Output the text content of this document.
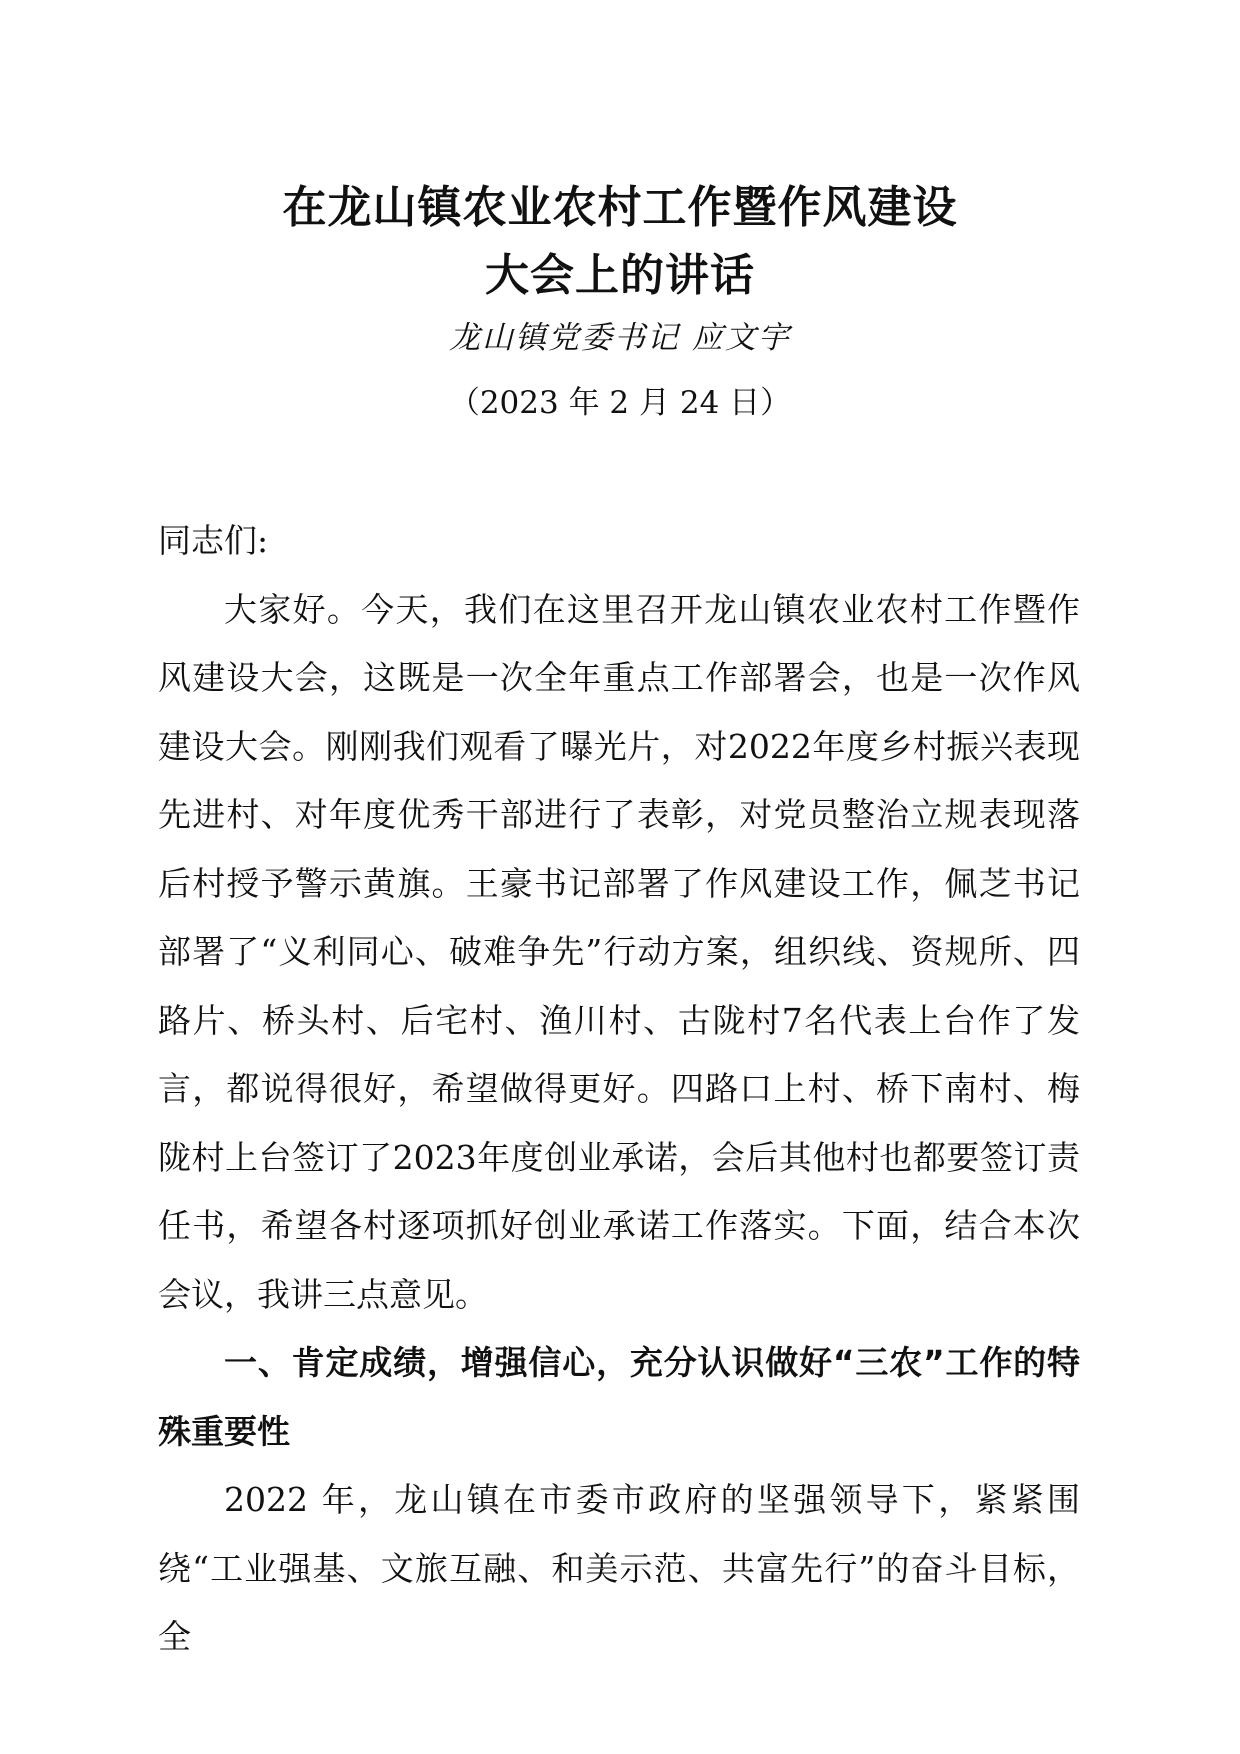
在龙山镇农业农村工作暨作风建设
大会上的讲话
龙山镇党委书记 应文宇
（2023 年 2 月 24 日）

同志们:

大家好。今天，我们在这里召开龙山镇农业农村工作暨作风建设大会，这既是一次全年重点工作部署会，也是一次作风建设大会。刚刚我们观看了曝光片，对2022年度乡村振兴表现先进村、对年度优秀干部进行了表彰，对党员整治立规表现落后村授予警示黄旗。王豪书记部署了作风建设工作，佩芝书记部署了“义利同心、破难争先”行动方案，组织线、资规所、四路片、桥头村、后宅村、渔川村、古陇村7名代表上台作了发言，都说得很好，希望做得更好。四路口上村、桥下南村、梅陇村上台签订了2023年度创业承诺，会后其他村也都要签订责任书，希望各村逐项抓好创业承诺工作落实。下面，结合本次会议，我讲三点意见。

一、肯定成绩，增强信心，充分认识做好“三农”工作的特殊重要性

2022 年，龙山镇在市委市政府的坚强领导下，紧紧围绕“工业强基、文旅互融、和美示范、共富先行”的奋斗目标，全
